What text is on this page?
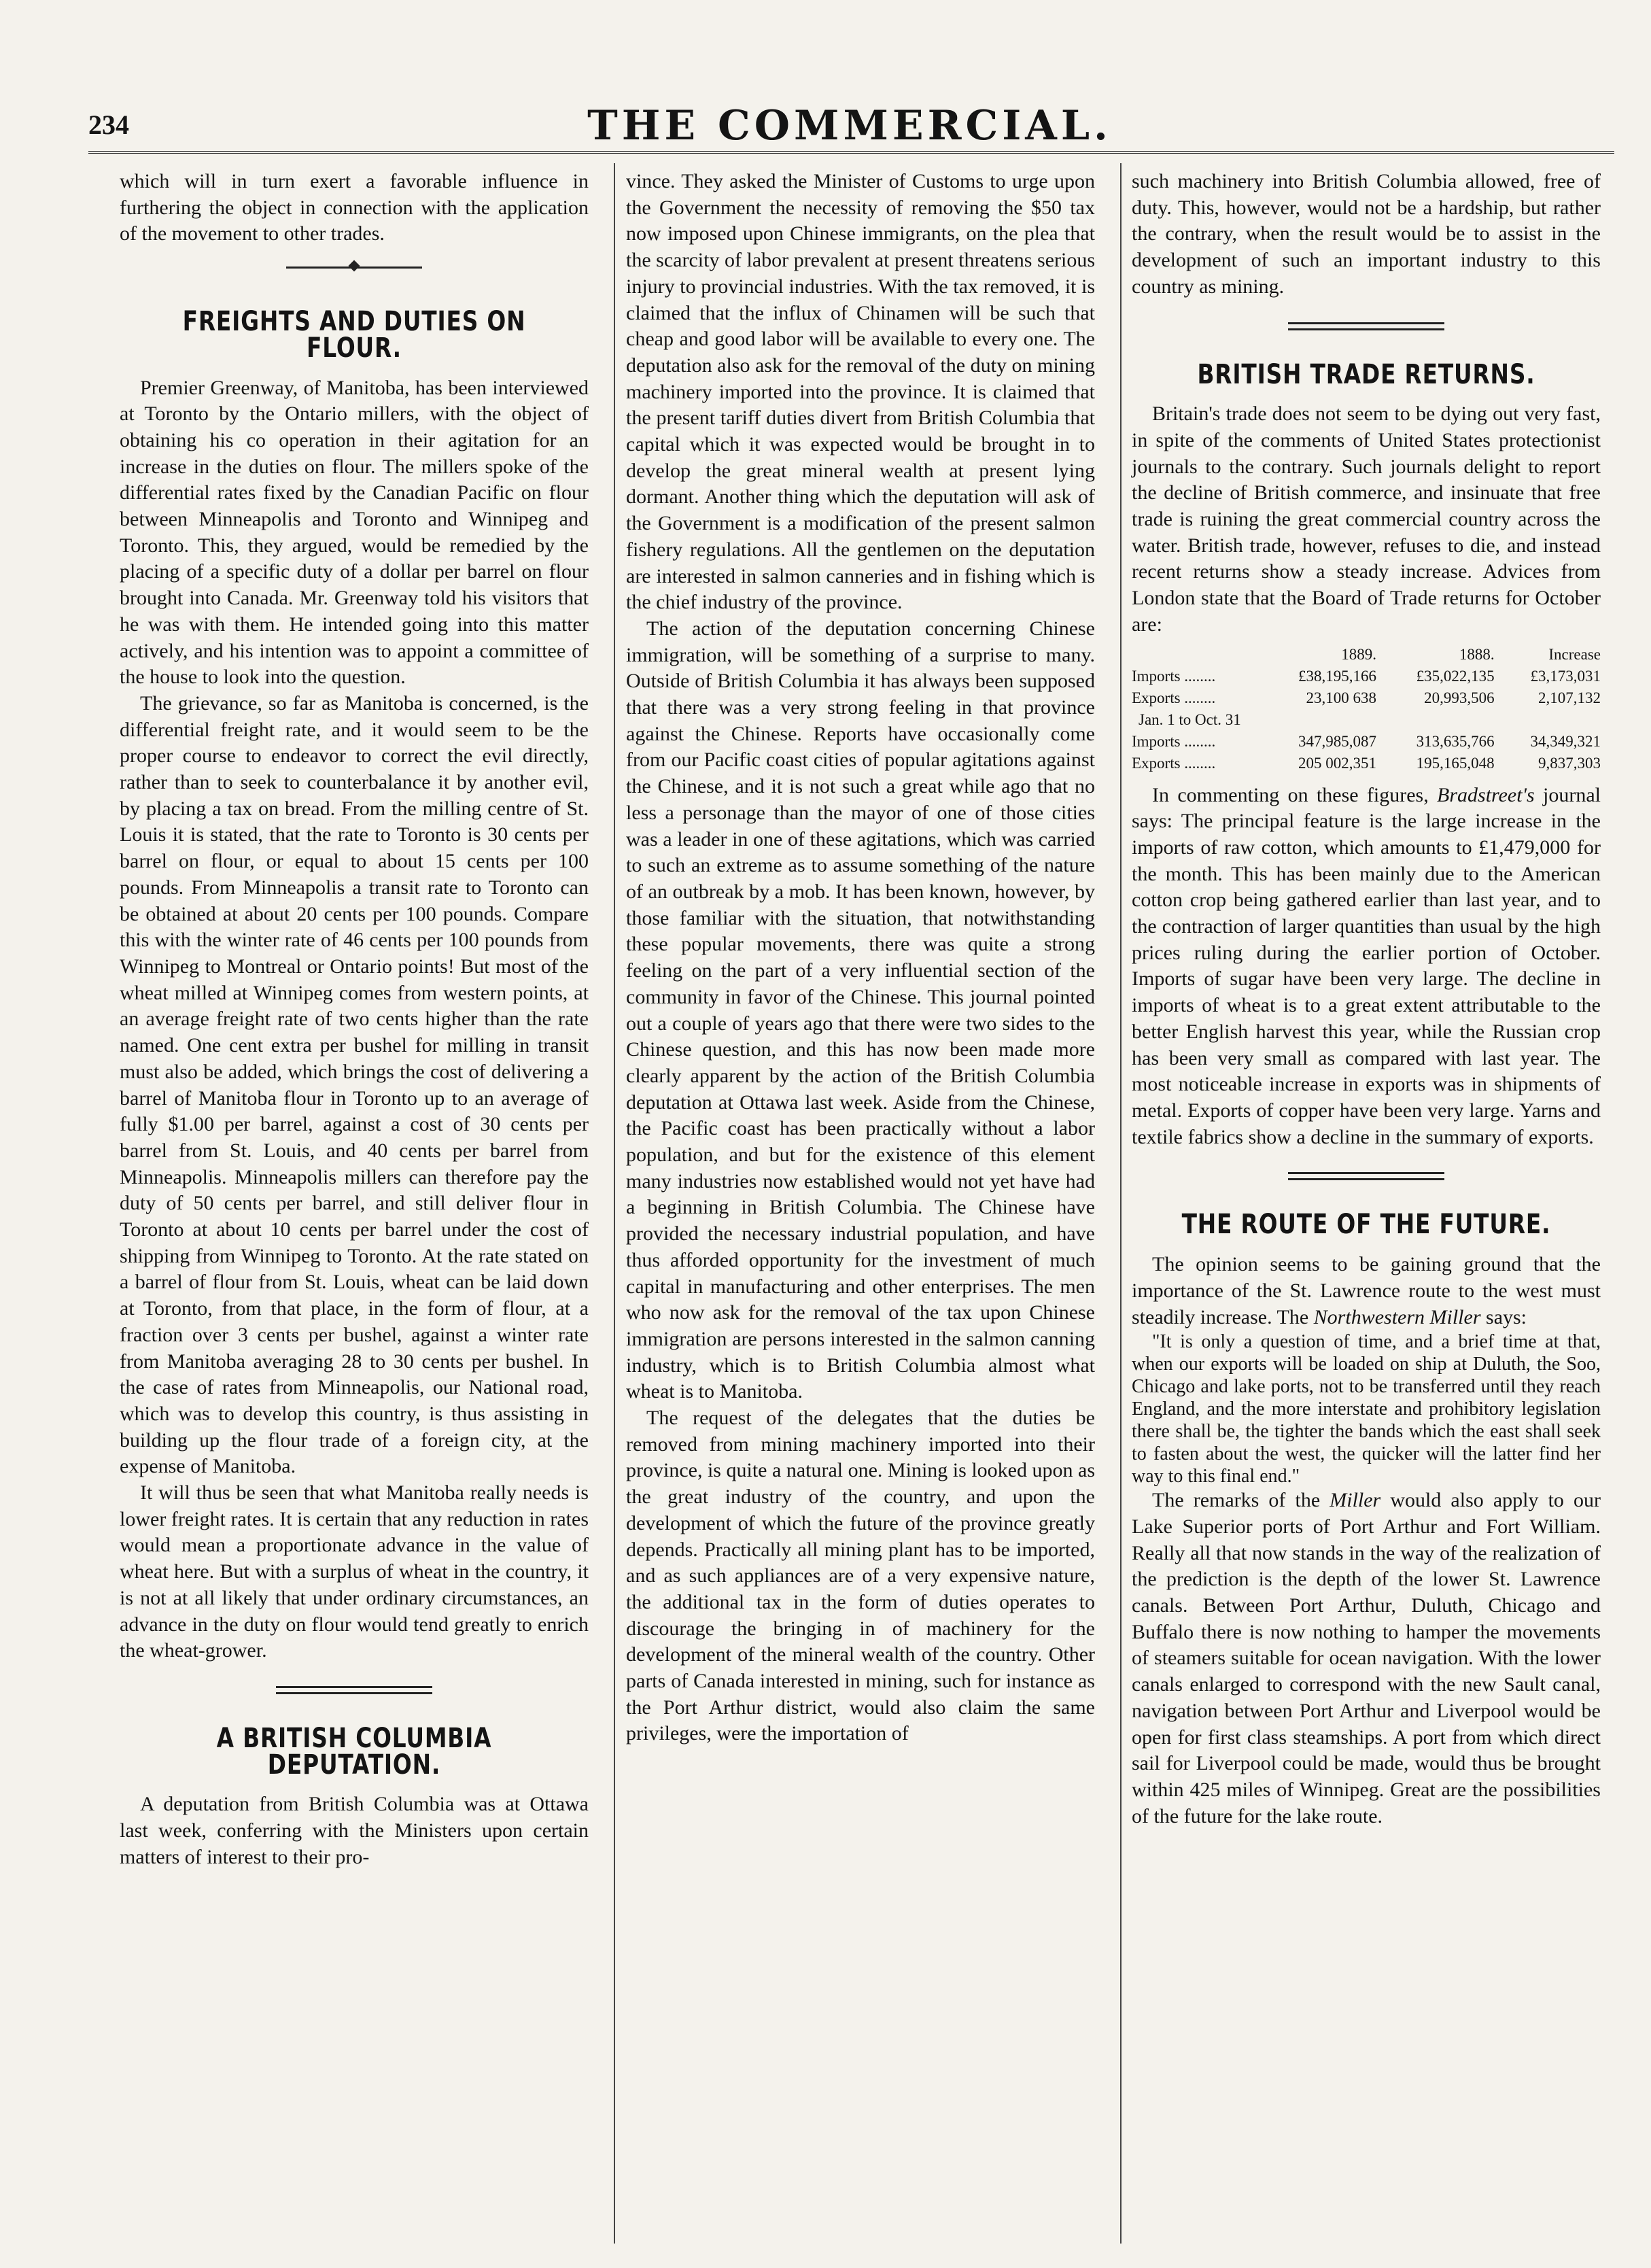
234	THE COMMERCIAL.

which will in turn exert a favorable influence in furthering the object in connection with the application of the movement to other trades.

FREIGHTS AND DUTIES ON FLOUR.

Premier Greenway, of Manitoba, has been interviewed at Toronto by the Ontario millers, with the object of obtaining his co operation in their agitation for an increase in the duties on flour. The millers spoke of the differential rates fixed by the Canadian Pacific on flour between Minneapolis and Toronto and Winnipeg and Toronto. This, they argued, would be remedied by the placing of a specific duty of a dollar per barrel on flour brought into Canada. Mr. Greenway told his visitors that he was with them. He intended going into this matter actively, and his intention was to appoint a committee of the house to look into the question.

The grievance, so far as Manitoba is concerned, is the differential freight rate, and it would seem to be the proper course to endeavor to correct the evil directly, rather than to seek to counterbalance it by another evil, by placing a tax on bread. From the milling centre of St. Louis it is stated, that the rate to Toronto is 30 cents per barrel on flour, or equal to about 15 cents per 100 pounds. From Minneapolis a transit rate to Toronto can be obtained at about 20 cents per 100 pounds. Compare this with the winter rate of 46 cents per 100 pounds from Winnipeg to Montreal or Ontario points! But most of the wheat milled at Winnipeg comes from western points, at an average freight rate of two cents higher than the rate named. One cent extra per bushel for milling in transit must also be added, which brings the cost of delivering a barrel of Manitoba flour in Toronto up to an average of fully $1.00 per barrel, against a cost of 30 cents per barrel from St. Louis, and 40 cents per barrel from Minneapolis. Minneapolis millers can therefore pay the duty of 50 cents per barrel, and still deliver flour in Toronto at about 10 cents per barrel under the cost of shipping from Winnipeg to Toronto. At the rate stated on a barrel of flour from St. Louis, wheat can be laid down at Toronto, from that place, in the form of flour, at a fraction over 3 cents per bushel, against a winter rate from Manitoba averaging 28 to 30 cents per bushel. In the case of rates from Minneapolis, our National road, which was to develop this country, is thus assisting in building up the flour trade of a foreign city, at the expense of Manitoba.

It will thus be seen that what Manitoba really needs is lower freight rates. It is certain that any reduction in rates would mean a proportionate advance in the value of wheat here. But with a surplus of wheat in the country, it is not at all likely that under ordinary circumstances, an advance in the duty on flour would tend greatly to enrich the wheat-grower.

A BRITISH COLUMBIA DEPUTATION.

A deputation from British Columbia was at Ottawa last week, conferring with the Ministers upon certain matters of interest to their pro-

vince. They asked the Minister of Customs to urge upon the Government the necessity of removing the $50 tax now imposed upon Chinese immigrants, on the plea that the scarcity of labor prevalent at present threatens serious injury to provincial industries. With the tax removed, it is claimed that the influx of Chinamen will be such that cheap and good labor will be available to every one. The deputation also ask for the removal of the duty on mining machinery imported into the province. It is claimed that the present tariff duties divert from British Columbia that capital which it was expected would be brought in to develop the great mineral wealth at present lying dormant. Another thing which the deputation will ask of the Government is a modification of the present salmon fishery regulations. All the gentlemen on the deputation are interested in salmon canneries and in fishing which is the chief industry of the province.

The action of the deputation concerning Chinese immigration, will be something of a surprise to many. Outside of British Columbia it has always been supposed that there was a very strong feeling in that province against the Chinese. Reports have occasionally come from our Pacific coast cities of popular agitations against the Chinese, and it is not such a great while ago that no less a personage than the mayor of one of those cities was a leader in one of these agitations, which was carried to such an extreme as to assume something of the nature of an outbreak by a mob. It has been known, however, by those familiar with the situation, that notwithstanding these popular movements, there was quite a strong feeling on the part of a very influential section of the community in favor of the Chinese. This journal pointed out a couple of years ago that there were two sides to the Chinese question, and this has now been made more clearly apparent by the action of the British Columbia deputation at Ottawa last week. Aside from the Chinese, the Pacific coast has been practically without a labor population, and but for the existence of this element many industries now established would not yet have had a beginning in British Columbia. The Chinese have provided the necessary industrial population, and have thus afforded opportunity for the investment of much capital in manufacturing and other enterprises. The men who now ask for the removal of the tax upon Chinese immigration are persons interested in the salmon canning industry, which is to British Columbia almost what wheat is to Manitoba.

The request of the delegates that the duties be removed from mining machinery imported into their province, is quite a natural one. Mining is looked upon as the great industry of the country, and upon the development of which the future of the province greatly depends. Practically all mining plant has to be imported, and as such appliances are of a very expensive nature, the additional tax in the form of duties operates to discourage the bringing in of machinery for the development of the mineral wealth of the country. Other parts of Canada interested in mining, such for instance as the Port Arthur district, would also claim the same privileges, were the importation of

such machinery into British Columbia allowed, free of duty. This, however, would not be a hardship, but rather the contrary, when the result would be to assist in the development of such an important industry to this country as mining.

BRITISH TRADE RETURNS.

Britain's trade does not seem to be dying out very fast, in spite of the comments of United States protectionist journals to the contrary. Such journals delight to report the decline of British commerce, and insinuate that free trade is ruining the great commercial country across the water. British trade, however, refuses to die, and instead recent returns show a steady increase. Advices from London state that the Board of Trade returns for October are:

	1889.	1888.	Increase
Imports ........	£38,195,166	£35,022,135	£3,173,031
Exports ........	23,100 638	20,993,506	2,107,132
Jan. 1 to Oct. 31			
Imports ........	347,985,087	313,635,766	34,349,321
Exports ........	205 002,351	195,165,048	9,837,303

In commenting on these figures, Bradstreet's journal says: The principal feature is the large increase in the imports of raw cotton, which amounts to £1,479,000 for the month. This has been mainly due to the American cotton crop being gathered earlier than last year, and to the contraction of larger quantities than usual by the high prices ruling during the earlier portion of October. Imports of sugar have been very large. The decline in imports of wheat is to a great extent attributable to the better English harvest this year, while the Russian crop has been very small as compared with last year. The most noticeable increase in exports was in shipments of metal. Exports of copper have been very large. Yarns and textile fabrics show a decline in the summary of exports.

THE ROUTE OF THE FUTURE.

The opinion seems to be gaining ground that the importance of the St. Lawrence route to the west must steadily increase. The Northwestern Miller says:

"It is only a question of time, and a brief time at that, when our exports will be loaded on ship at Duluth, the Soo, Chicago and lake ports, not to be transferred until they reach England, and the more interstate and prohibitory legislation there shall be, the tighter the bands which the east shall seek to fasten about the west, the quicker will the latter find her way to this final end."

The remarks of the Miller would also apply to our Lake Superior ports of Port Arthur and Fort William. Really all that now stands in the way of the realization of the prediction is the depth of the lower St. Lawrence canals. Between Port Arthur, Duluth, Chicago and Buffalo there is now nothing to hamper the movements of steamers suitable for ocean navigation. With the lower canals enlarged to correspond with the new Sault canal, navigation between Port Arthur and Liverpool would be open for first class steamships. A port from which direct sail for Liverpool could be made, would thus be brought within 425 miles of Winnipeg. Great are the possibilities of the future for the lake route.
